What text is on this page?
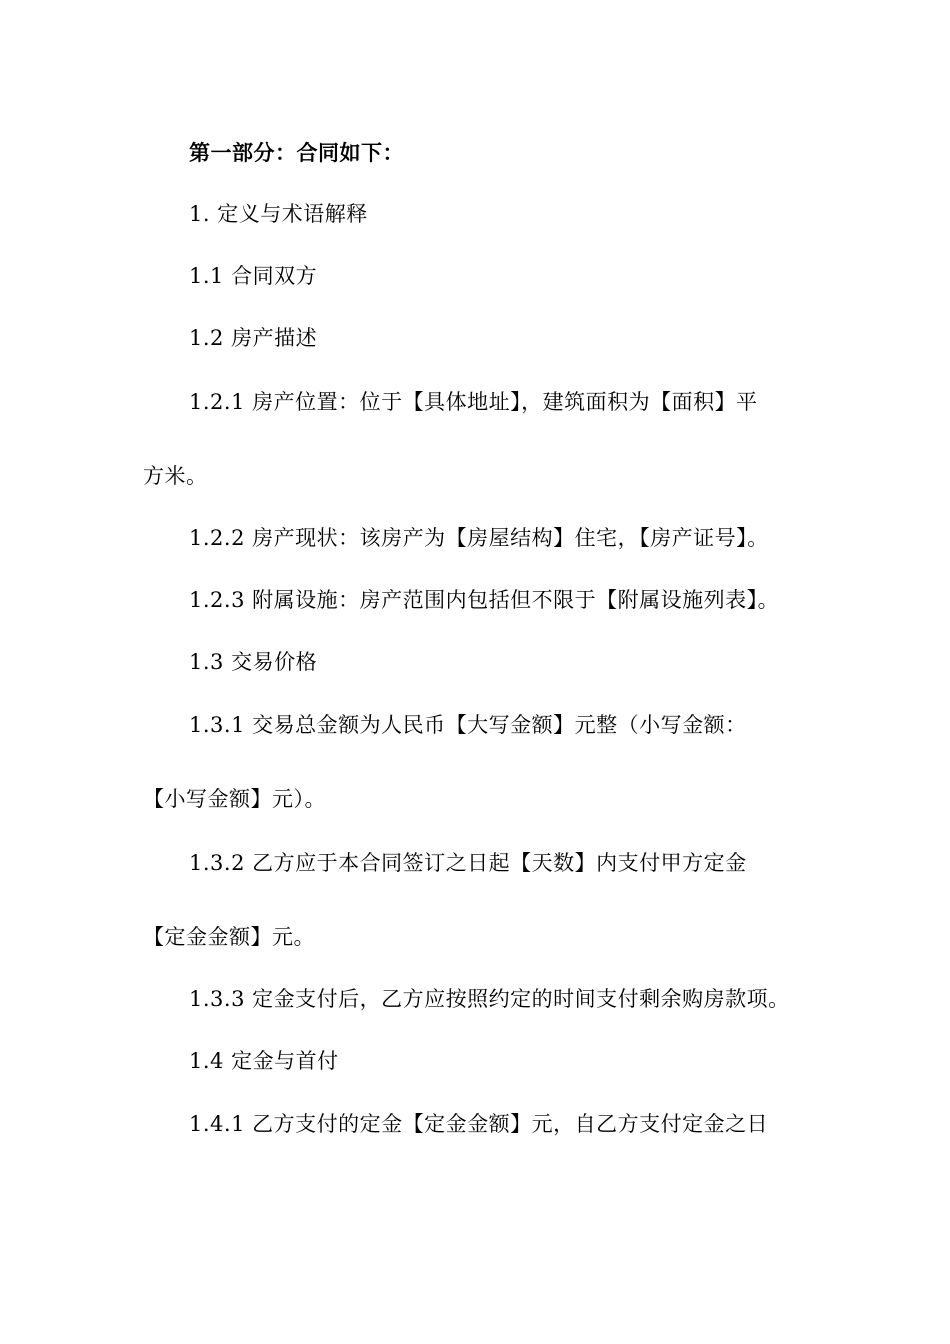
第一部分：合同如下：
1. 定义与术语解释
1.1 合同双方
1.2 房产描述
1.2.1 房产位置：位于【具体地址】，建筑面积为【面积】平
方米。
1.2.2 房产现状：该房产为【房屋结构】住宅，【房产证号】。
1.2.3 附属设施：房产范围内包括但不限于【附属设施列表】。
1.3 交易价格
1.3.1 交易总金额为人民币【大写金额】元整（小写金额：
【小写金额】元）。
1.3.2 乙方应于本合同签订之日起【天数】内支付甲方定金
【定金金额】元。
1.3.3 定金支付后，乙方应按照约定的时间支付剩余购房款项。
1.4 定金与首付
1.4.1 乙方支付的定金【定金金额】元，自乙方支付定金之日
